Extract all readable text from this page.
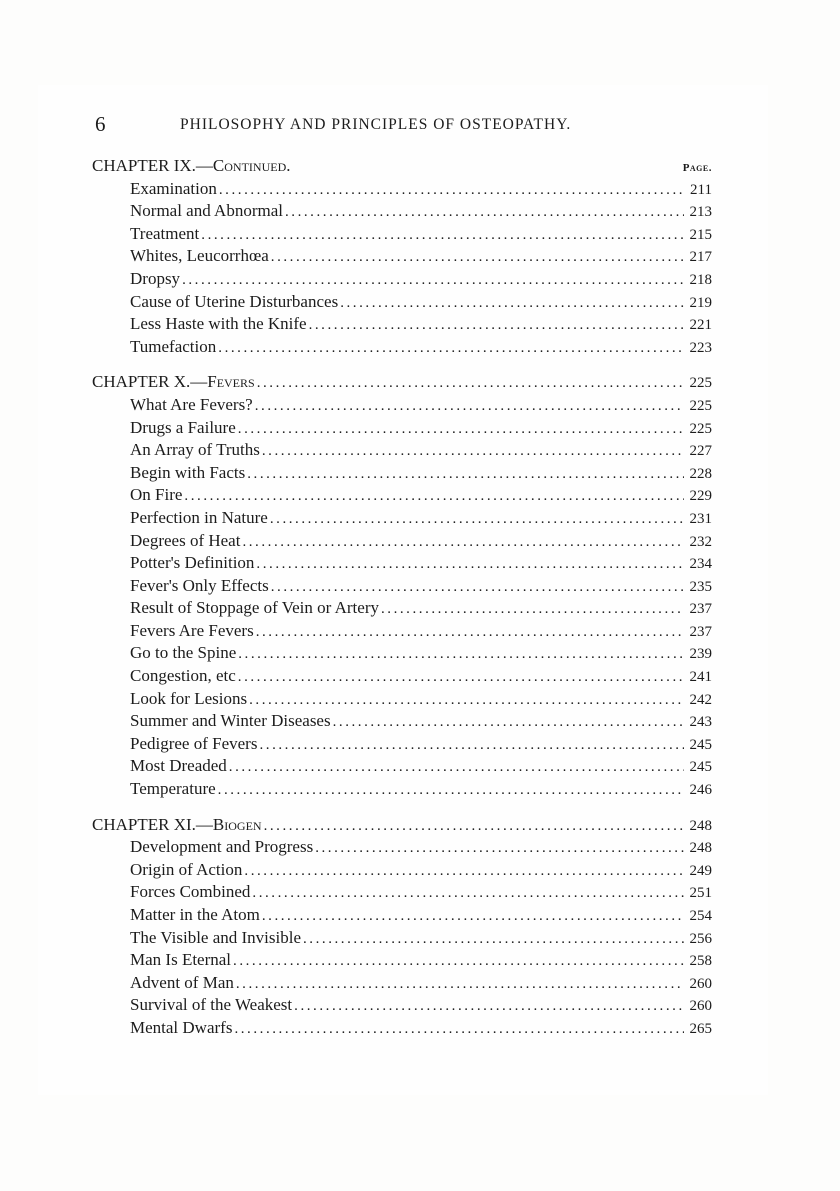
6	PHILOSOPHY AND PRINCIPLES OF OSTEOPATHY.
CHAPTER IX.—Continued.	Page.
Examination . . .	211
Normal and Abnormal . . .	213
Treatment . . .	215
Whites, Leucorrhœa . . .	217
Dropsy . . .	218
Cause of Uterine Disturbances . . .	219
Less Haste with the Knife . . .	221
Tumefaction . . .	223
CHAPTER X.—Fevers . . .	225
What Are Fevers? . . .	225
Drugs a Failure . . .	225
An Array of Truths . . .	227
Begin with Facts . . .	228
On Fire . . .	229
Perfection in Nature . . .	231
Degrees of Heat . . .	232
Potter's Definition . . .	234
Fever's Only Effects . . .	235
Result of Stoppage of Vein or Artery . . .	237
Fevers Are Fevers . . .	237
Go to the Spine . . .	239
Congestion, etc . . .	241
Look for Lesions . . .	242
Summer and Winter Diseases . . .	243
Pedigree of Fevers . . .	245
Most Dreaded . . .	245
Temperature . . .	246
CHAPTER XI.—Biogen . . .	248
Development and Progress . . .	248
Origin of Action . . .	249
Forces Combined . . .	251
Matter in the Atom . . .	254
The Visible and Invisible . . .	256
Man Is Eternal . . .	258
Advent of Man . . .	260
Survival of the Weakest . . .	260
Mental Dwarfs . . .	265
